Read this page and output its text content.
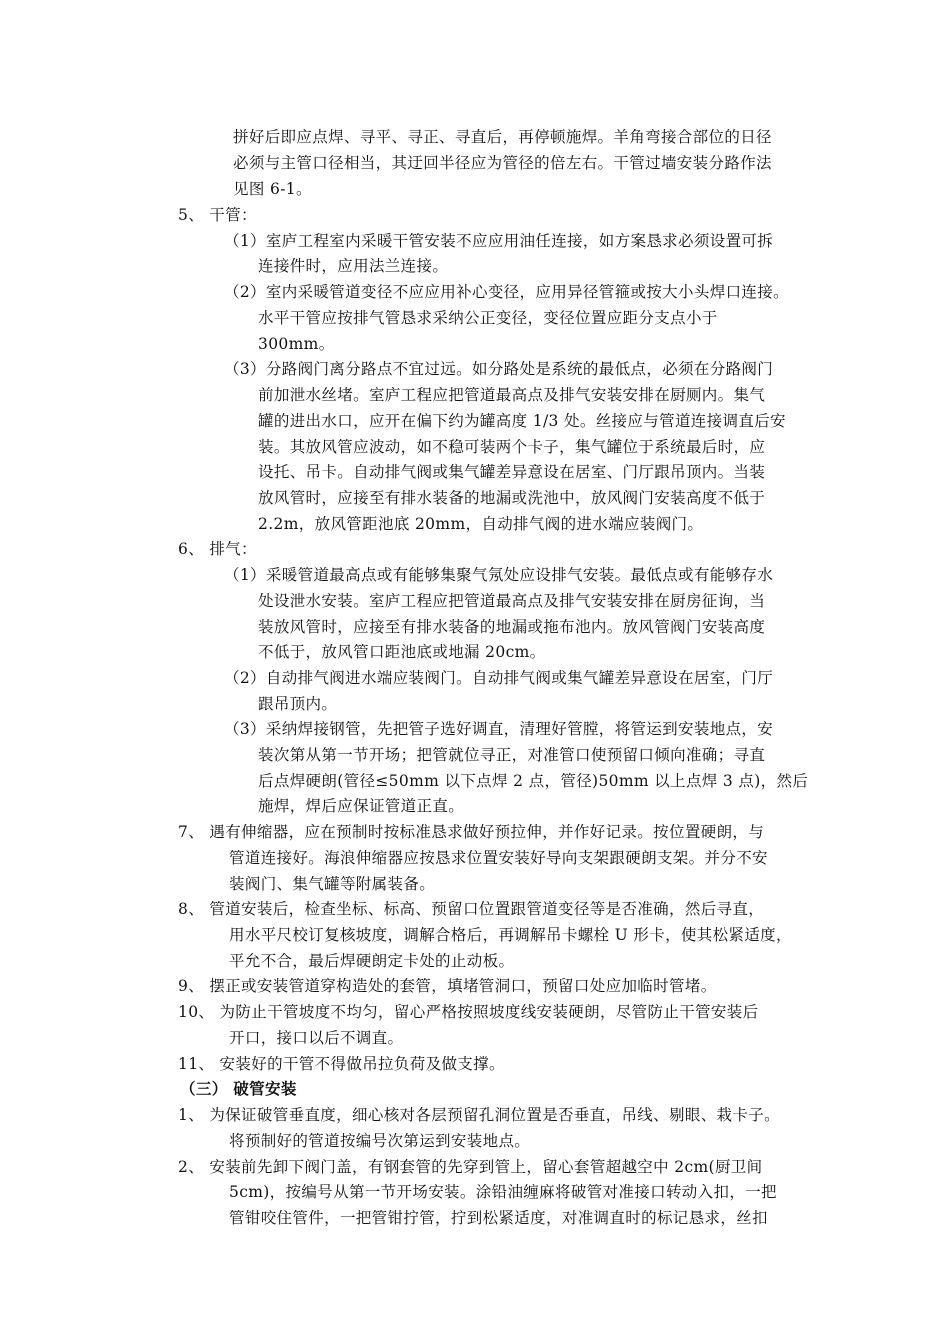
拼好后即应点焊、寻平、寻正、寻直后，再停顿施焊。羊角弯接合部位的日径
必须与主管口径相当，其迂回半径应为管径的倍左右。干管过墙安装分路作法
见图 6-1。
5、 干管：
（1）室庐工程室内采暖干管安装不应应用油任连接，如方案恳求必须设置可拆
连接件时，应用法兰连接。
（2）室内采暖管道变径不应应用补心变径，应用异径管箍或按大小头焊口连接。
水平干管应按排气管恳求采纳公正变径，变径位置应距分支点小于
300mm。
（3）分路阀门离分路点不宜过远。如分路处是系统的最低点，必须在分路阀门
前加泄水丝堵。室庐工程应把管道最高点及排气安装安排在厨厕内。集气
罐的进出水口，应开在偏下约为罐高度 1/3 处。丝接应与管道连接调直后安
装。其放风管应波动，如不稳可装两个卡子，集气罐位于系统最后时，应
设托、吊卡。自动排气阀或集气罐差异意设在居室、门厅跟吊顶内。当装
放风管时，应接至有排水装备的地漏或洗池中，放风阀门安装高度不低于
2.2m，放风管距池底 20mm，自动排气阀的进水端应装阀门。
6、 排气：
（1）采暖管道最高点或有能够集聚气氖处应设排气安装。最低点或有能够存水
处设泄水安装。室庐工程应把管道最高点及排气安装安排在厨房征询，当
装放风管时，应接至有排水装备的地漏或拖布池内。放风管阀门安装高度
不低于，放风管口距池底或地漏 20cm。
（2）自动排气阀进水端应装阀门。自动排气阀或集气罐差异意设在居室，门厅
跟吊顶内。
（3）采纳焊接钢管，先把管子选好调直，清理好管膛，将管运到安装地点，安
装次第从第一节开场；把管就位寻正，对准管口使预留口倾向准确；寻直
后点焊硬朗(管径≤50mm 以下点焊 2 点，管径)50mm 以上点焊 3 点)，然后
施焊，焊后应保证管道正直。
7、 遇有伸缩器，应在预制时按标准恳求做好预拉伸，并作好记录。按位置硬朗，与
管道连接好。海浪伸缩器应按恳求位置安装好导向支架跟硬朗支架。并分不安
装阀门、集气罐等附属装备。
8、 管道安装后，检查坐标、标高、预留口位置跟管道变径等是否准确，然后寻直，
用水平尺校订复核坡度，调解合格后，再调解吊卡螺栓 U 形卡，使其松紧适度，
平允不合，最后焊硬朗定卡处的止动板。
9、 摆正或安装管道穿构造处的套管，填堵管洞口，预留口处应加临时管堵。
10、 为防止干管坡度不均匀，留心严格按照坡度线安装硬朗，尽管防止干管安装后
开口，接口以后不调直。
11、 安装好的干管不得做吊拉负荷及做支撑。
（三） 破管安装
1、 为保证破管垂直度，细心核对各层预留孔洞位置是否垂直，吊线、剔眼、栽卡子。
将预制好的管道按编号次第运到安装地点。
2、 安装前先卸下阀门盖，有钢套管的先穿到管上，留心套管超越空中 2cm(厨卫间
5cm)，按编号从第一节开场安装。涂铅油缠麻将破管对准接口转动入扣，一把
管钳咬住管件，一把管钳拧管，拧到松紧适度，对准调直时的标记恳求，丝扣
